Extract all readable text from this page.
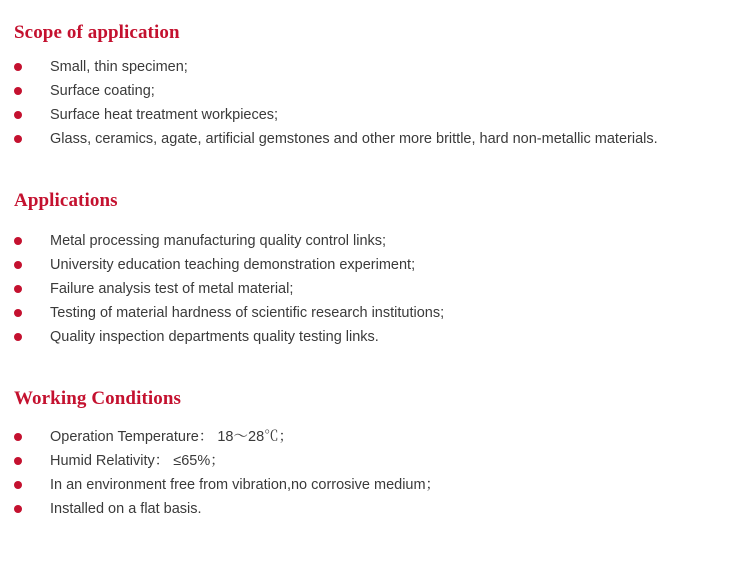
Scope of application
Small, thin specimen;
Surface coating;
Surface heat treatment workpieces;
Glass, ceramics, agate, artificial gemstones and other more brittle, hard non-metallic materials.
Applications
Metal processing manufacturing quality control links;
University education teaching demonstration experiment;
Failure analysis test of metal material;
Testing of material hardness of scientific research institutions;
Quality inspection departments quality testing links.
Working Conditions
Operation Temperature： 18～28℃；
Humid Relativity： ≤65%；
In an environment free from vibration,no corrosive medium；
Installed on a flat basis.
